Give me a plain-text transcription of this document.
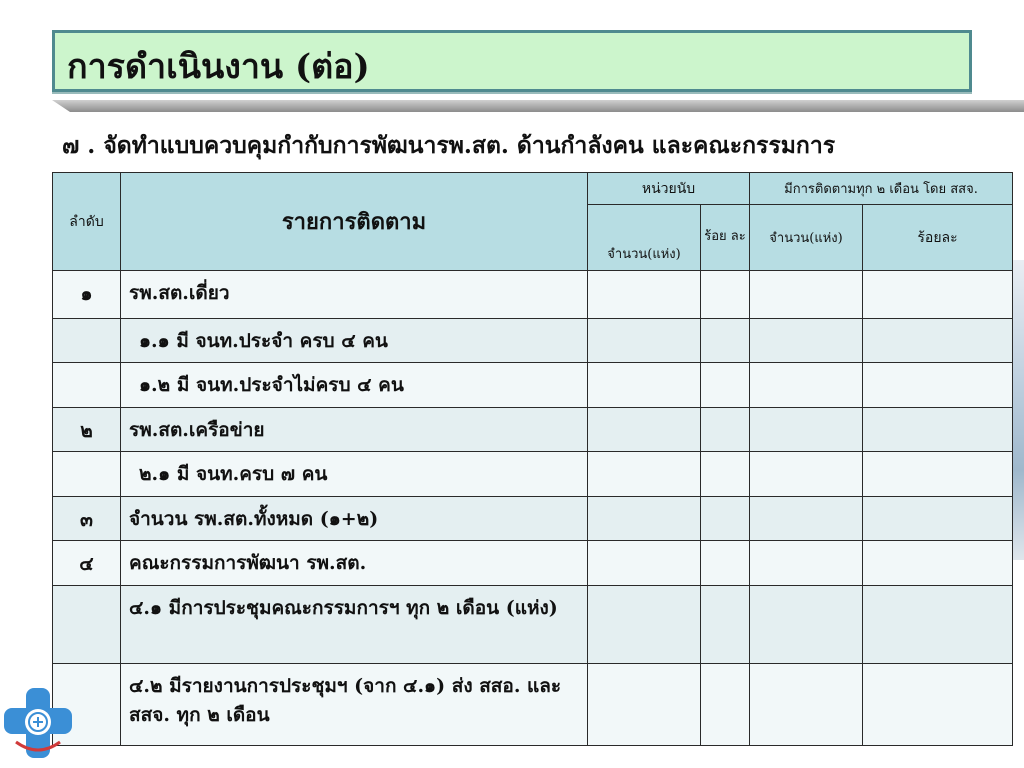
การดำเนินงาน (ต่อ)
๗ . จัดทำแบบควบคุมกำกับการพัฒนารพ.สต. ด้านกำลังคน และคณะกรรมการ
ลำดับ	รายการติดตาม	หน่วยนับ		มีการติดตามทุก ๒ เดือน โดย สสจ.	
		จำนวน(แห่ง)	ร้อย ละ	จำนวน(แห่ง)	ร้อยละ
๑	รพ.สต.เดี่ยว				
	๑.๑ มี จนท.ประจำ ครบ ๔ คน				
	๑.๒ มี จนท.ประจำไม่ครบ ๔ คน				
๒	รพ.สต.เครือข่าย				
	๒.๑ มี จนท.ครบ ๗ คน				
๓	จำนวน รพ.สต.ทั้งหมด (๑+๒)				
๔	คณะกรรมการพัฒนา รพ.สต.				
	๔.๑ มีการประชุมคณะกรรมการฯ ทุก ๒ เดือน (แห่ง)				
	๔.๒ มีรายงานการประชุมฯ (จาก ๔.๑) ส่ง สสอ. และ สสจ. ทุก ๒ เดือน				
